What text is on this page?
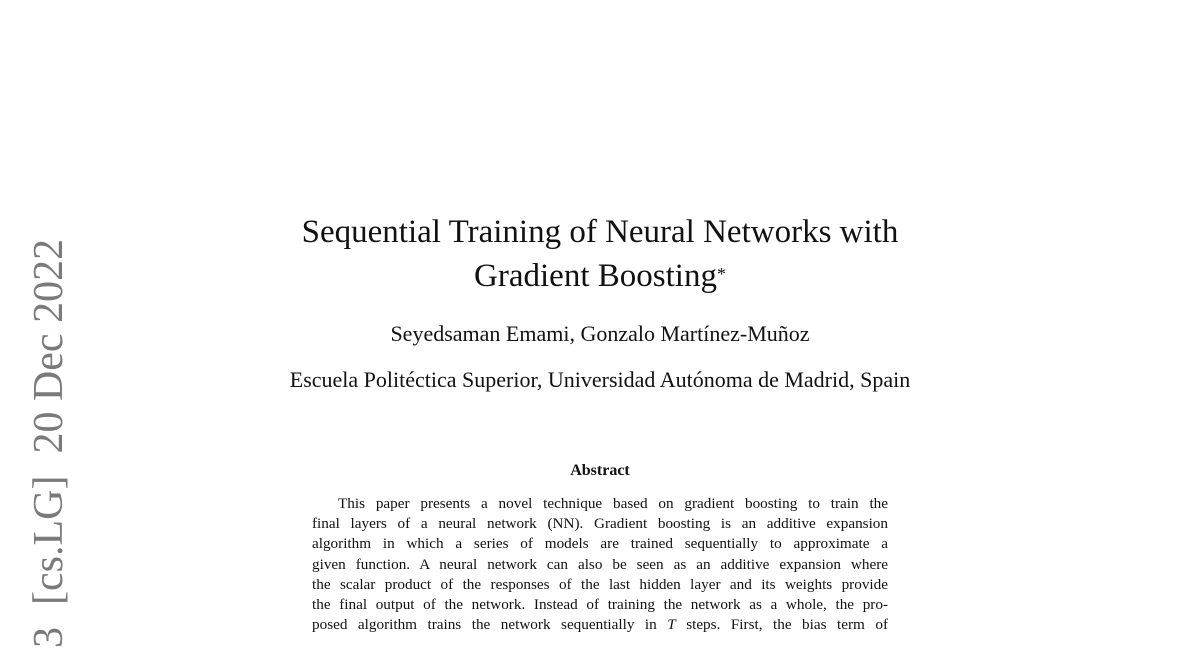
3[cs.LG]20 Dec 2022
Sequential Training of Neural Networks with
Gradient Boosting*
Seyedsaman Emami, Gonzalo Martínez-Muñoz
Escuela Politéctica Superior, Universidad Autónoma de Madrid, Spain
Abstract
This paper presents a novel technique based on gradient boosting to train the
final layers of a neural network (NN). Gradient boosting is an additive expansion
algorithm in which a series of models are trained sequentially to approximate a
given function. A neural network can also be seen as an additive expansion where
the scalar product of the responses of the last hidden layer and its weights provide
the final output of the network. Instead of training the network as a whole, the pro-
posed algorithm trains the network sequentially in T steps. First, the bias term of
